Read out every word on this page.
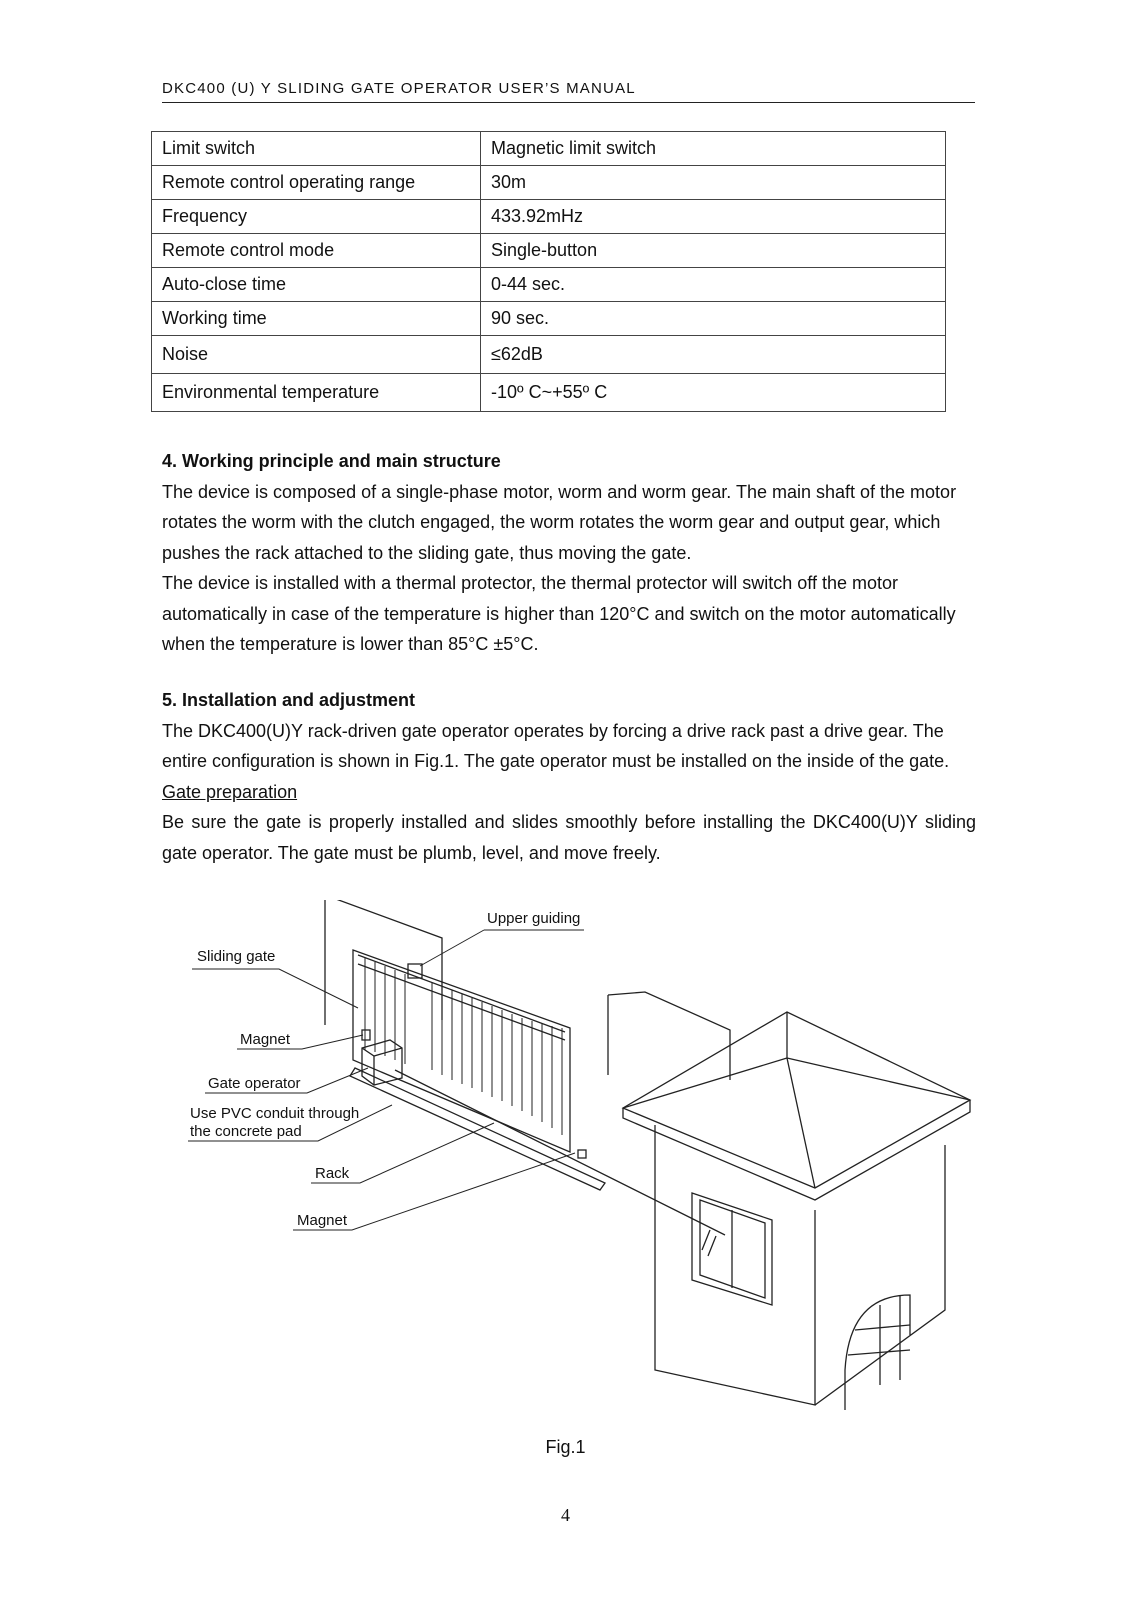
DKC400 (U) Y SLIDING GATE OPERATOR USER’S MANUAL
Limit switch	Magnetic limit switch
Remote control operating range	30m
Frequency	433.92mHz
Remote control mode	Single-button
Auto-close time	0-44 sec.
Working time	90 sec.
Noise	≤62dB
Environmental temperature	-10º C~+55º C
4. Working principle and main structure
The device is composed of a single-phase motor, worm and worm gear. The main shaft of the motor rotates the worm with the clutch engaged, the worm rotates the worm gear and output gear, which pushes the rack attached to the sliding gate, thus moving the gate.
The device is installed with a thermal protector, the thermal protector will switch off the motor automatically in case of the temperature is higher than 120°C and switch on the motor automatically when the temperature is lower than 85°C ±5°C.
5. Installation and adjustment
The DKC400(U)Y rack-driven gate operator operates by forcing a drive rack past a drive gear. The entire configuration is shown in Fig.1. The gate operator must be installed on the inside of the gate.
Gate preparation
Be sure the gate is properly installed and slides smoothly before installing the DKC400(U)Y sliding gate operator. The gate must be plumb, level, and move freely.
Upper guiding
Sliding gate
Magnet
Gate operator
Use PVC conduit through
the concrete pad
Rack
Magnet
Fig.1
4
